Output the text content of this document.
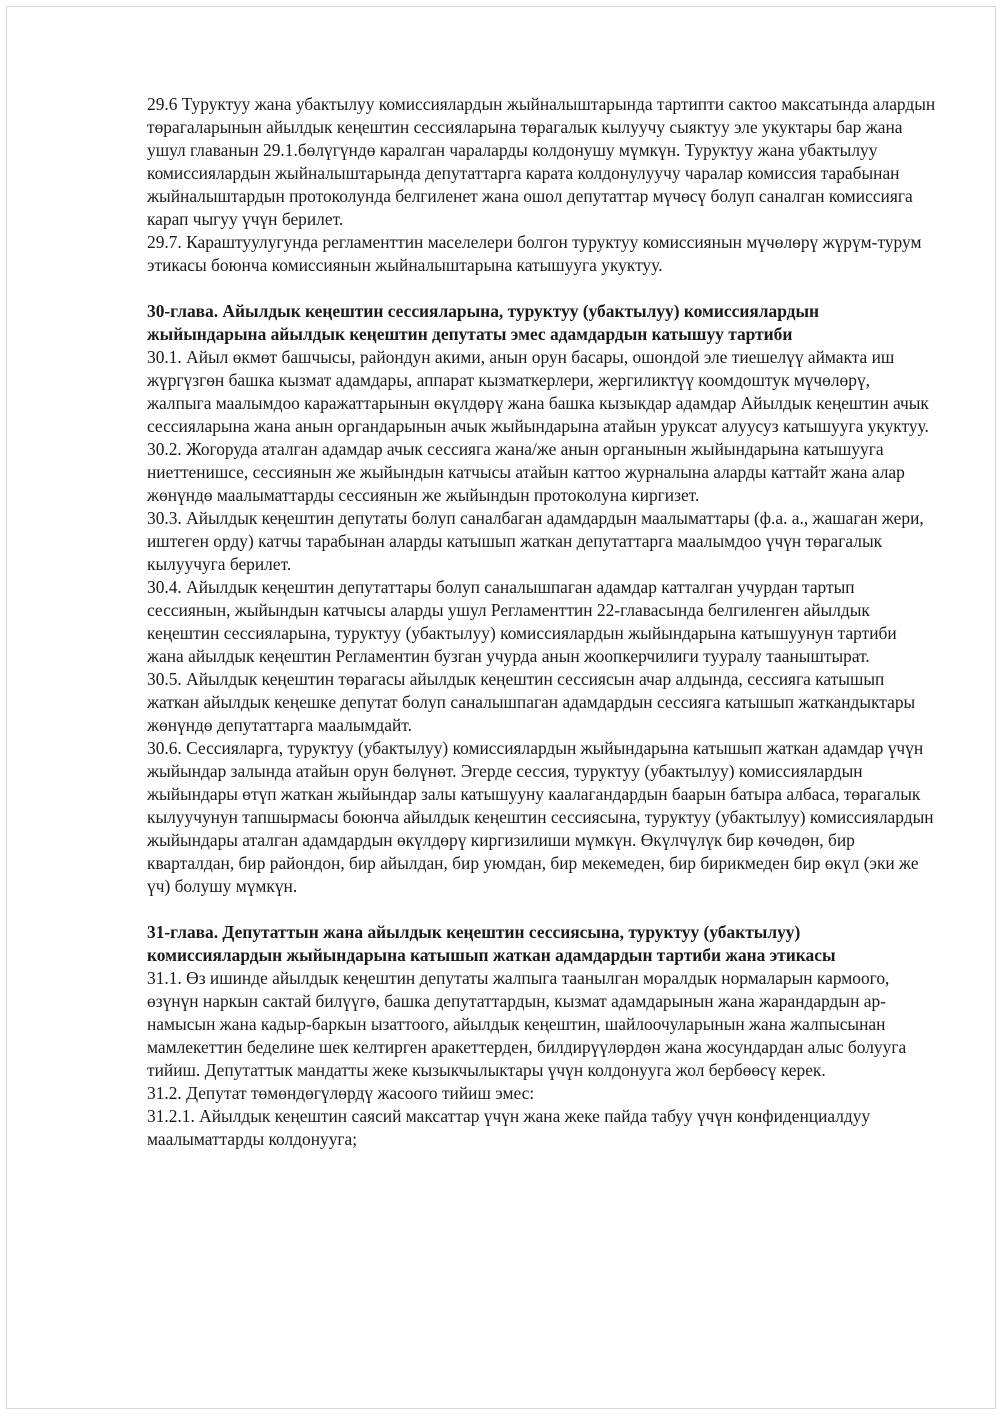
29.6 Туруктуу жана убактылуу комиссиялардын жыйналыштарында тартипти сактоо максатында алардын төрагаларынын айылдык кеңештин сессияларына төрагалык кылуучу сыяктуу эле укуктары бар жана ушул главанын 29.1.бөлүгүндө каралган чараларды колдонушу мүмкүн. Туруктуу жана убактылуу комиссиялардын жыйналыштарында депутаттарга карата колдонулуучу чаралар комиссия тарабынан жыйналыштардын протоколунда белгиленет жана ошол депутаттар мүчөсү болуп саналган комиссияга карап чыгуу үчүн берилет.

29.7. Караштуулугунда регламенттин маселелери болгон туруктуу комиссиянын мүчөлөрү жүрүм-турум этикасы боюнча комиссиянын жыйналыштарына катышууга укуктуу.

30-глава. Айылдык кеңештин сессияларына, туруктуу (убактылуу) комиссиялардын жыйындарына айылдык кеңештин депутаты эмес адамдардын катышуу тартиби

30.1. Айыл өкмөт башчысы, райондун акими, анын орун басары, ошондой эле тиешелүү аймакта иш жүргүзгөн башка кызмат адамдары, аппарат кызматкерлери, жергиликтүү коомдоштук мүчөлөрү, жалпыга маалымдоо каражаттарынын өкүлдөрү жана башка кызыкдар адамдар Айылдык кеңештин ачык сессияларына жана анын органдарынын ачык жыйындарына атайын уруксат алуусуз катышууга укуктуу.

30.2. Жогоруда аталган адамдар ачык сессияга жана/же анын органынын жыйындарына катышууга ниеттенишсе, сессиянын же жыйындын катчысы атайын каттоо журналына аларды каттайт жана алар жөнүндө маалыматтарды сессиянын же жыйындын протоколуна киргизет.

30.3. Айылдык кеңештин депутаты болуп саналбаган адамдардын маалыматтары (ф.а. а., жашаган жери, иштеген орду) катчы тарабынан аларды катышып жаткан депутаттарга маалымдоо үчүн төрагалык кылуучуга берилет.

30.4. Айылдык кеңештин депутаттары болуп саналышпаган адамдар катталган учурдан тартып сессиянын, жыйындын катчысы аларды ушул Регламенттин 22-главасында белгиленген айылдык кеңештин сессияларына, туруктуу (убактылуу) комиссиялардын жыйындарына катышуунун тартиби жана айылдык кеңештин Регламентин бузган учурда анын жоопкерчилиги тууралу тааныштырат.

30.5. Айылдык кеңештин төрагасы айылдык кеңештин сессиясын ачар алдында, сессияга катышып жаткан айылдык кеңешке депутат болуп саналышпаган адамдардын сессияга катышып жаткандыктары жөнүндө депутаттарга маалымдайт.

30.6. Сессияларга, туруктуу (убактылуу) комиссиялардын жыйындарына катышып жаткан адамдар үчүн жыйындар залында атайын орун бөлүнөт. Эгерде сессия, туруктуу (убактылуу) комиссиялардын жыйындары өтүп жаткан жыйындар залы катышууну каалагандардын баарын батыра албаса, төрагалык кылуучунун тапшырмасы боюнча айылдык кеңештин сессиясына, туруктуу (убактылуу) комиссиялардын жыйындары аталган адамдардын өкүлдөрү киргизилиши мүмкүн. Өкүлчүлүк бир көчөдөн, бир кварталдан, бир райондон, бир айылдан, бир уюмдан, бир мекемеден, бир бирикмеден бир өкүл (эки же үч) болушу мүмкүн.

31-глава. Депутаттын жана айылдык кеңештин сессиясына, туруктуу (убактылуу) комиссиялардын жыйындарына катышып жаткан адамдардын тартиби жана этикасы

31.1. Өз ишинде айылдык кеңештин депутаты жалпыга таанылган моралдык нормаларын кармоого, өзүнүн наркын сактай билүүгө, башка депутаттардын, кызмат адамдарынын жана жарандардын ар-намысын жана кадыр-баркын ызаттоого, айылдык кеңештин, шайлоочуларынын жана жалпысынан мамлекеттин беделине шек келтирген аракеттерден, билдирүүлөрдөн жана жосундардан алыс болууга тийиш. Депутаттык мандатты жеке кызыкчылыктары үчүн колдонууга жол бербөөсү керек.

31.2. Депутат төмөндөгүлөрдү жасоого тийиш эмес:

31.2.1. Айылдык кеңештин саясий максаттар үчүн жана жеке пайда табуу үчүн конфиденциалдуу маалыматтарды колдонууга;
